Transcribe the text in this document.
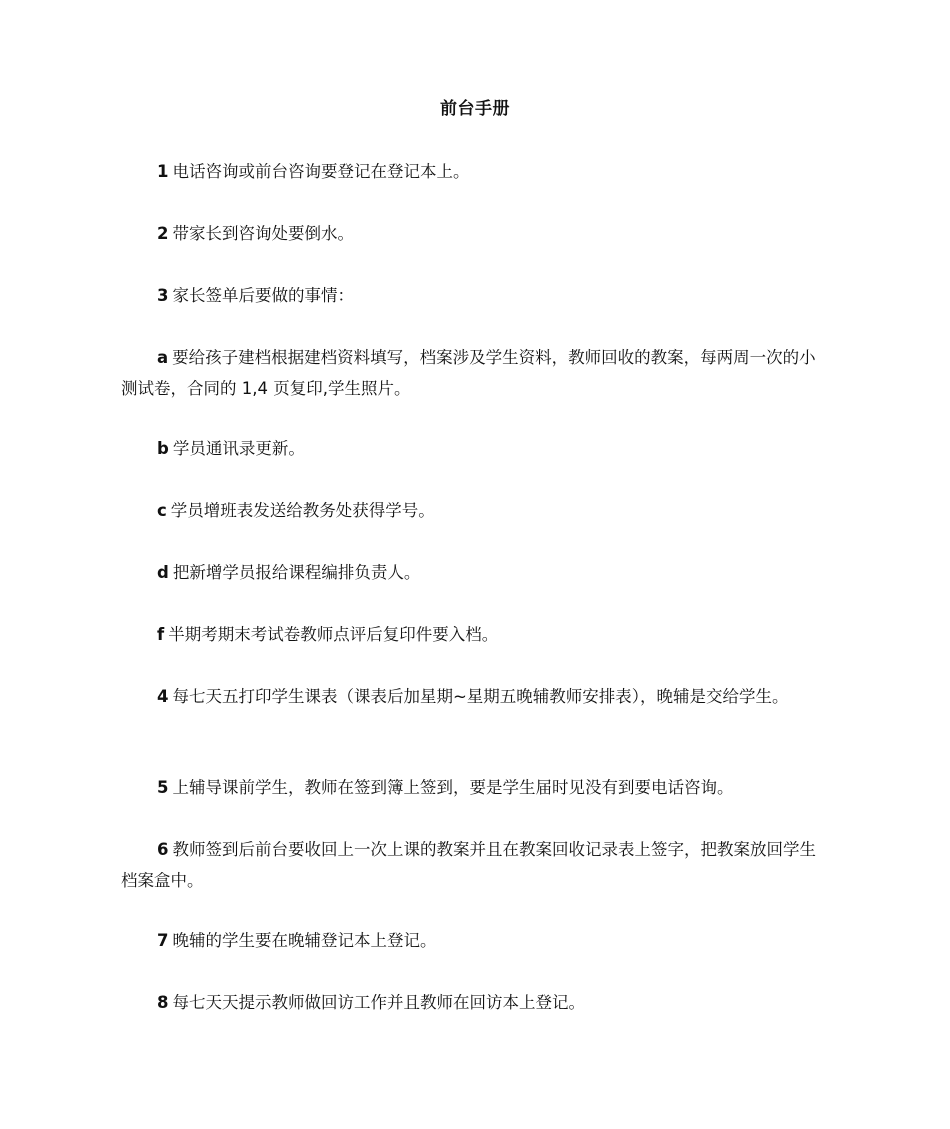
前台手册

1 电话咨询或前台咨询要登记在登记本上。

2 带家长到咨询处要倒水。

3 家长签单后要做的事情：

a 要给孩子建档根据建档资料填写，档案涉及学生资料，教师回收的教案，每两周一次的小测试卷，合同的 1,4 页复印,学生照片。

b 学员通讯录更新。

c 学员增班表发送给教务处获得学号。

d 把新增学员报给课程编排负责人。

f 半期考期末考试卷教师点评后复印件要入档。

4 每七天五打印学生课表（课表后加星期~星期五晚辅教师安排表），晚辅是交给学生。

5 上辅导课前学生，教师在签到簿上签到，要是学生届时见没有到要电话咨询。

6 教师签到后前台要收回上一次上课的教案并且在教案回收记录表上签字，把教案放回学生档案盒中。

7 晚辅的学生要在晚辅登记本上登记。

8 每七天天提示教师做回访工作并且教师在回访本上登记。
